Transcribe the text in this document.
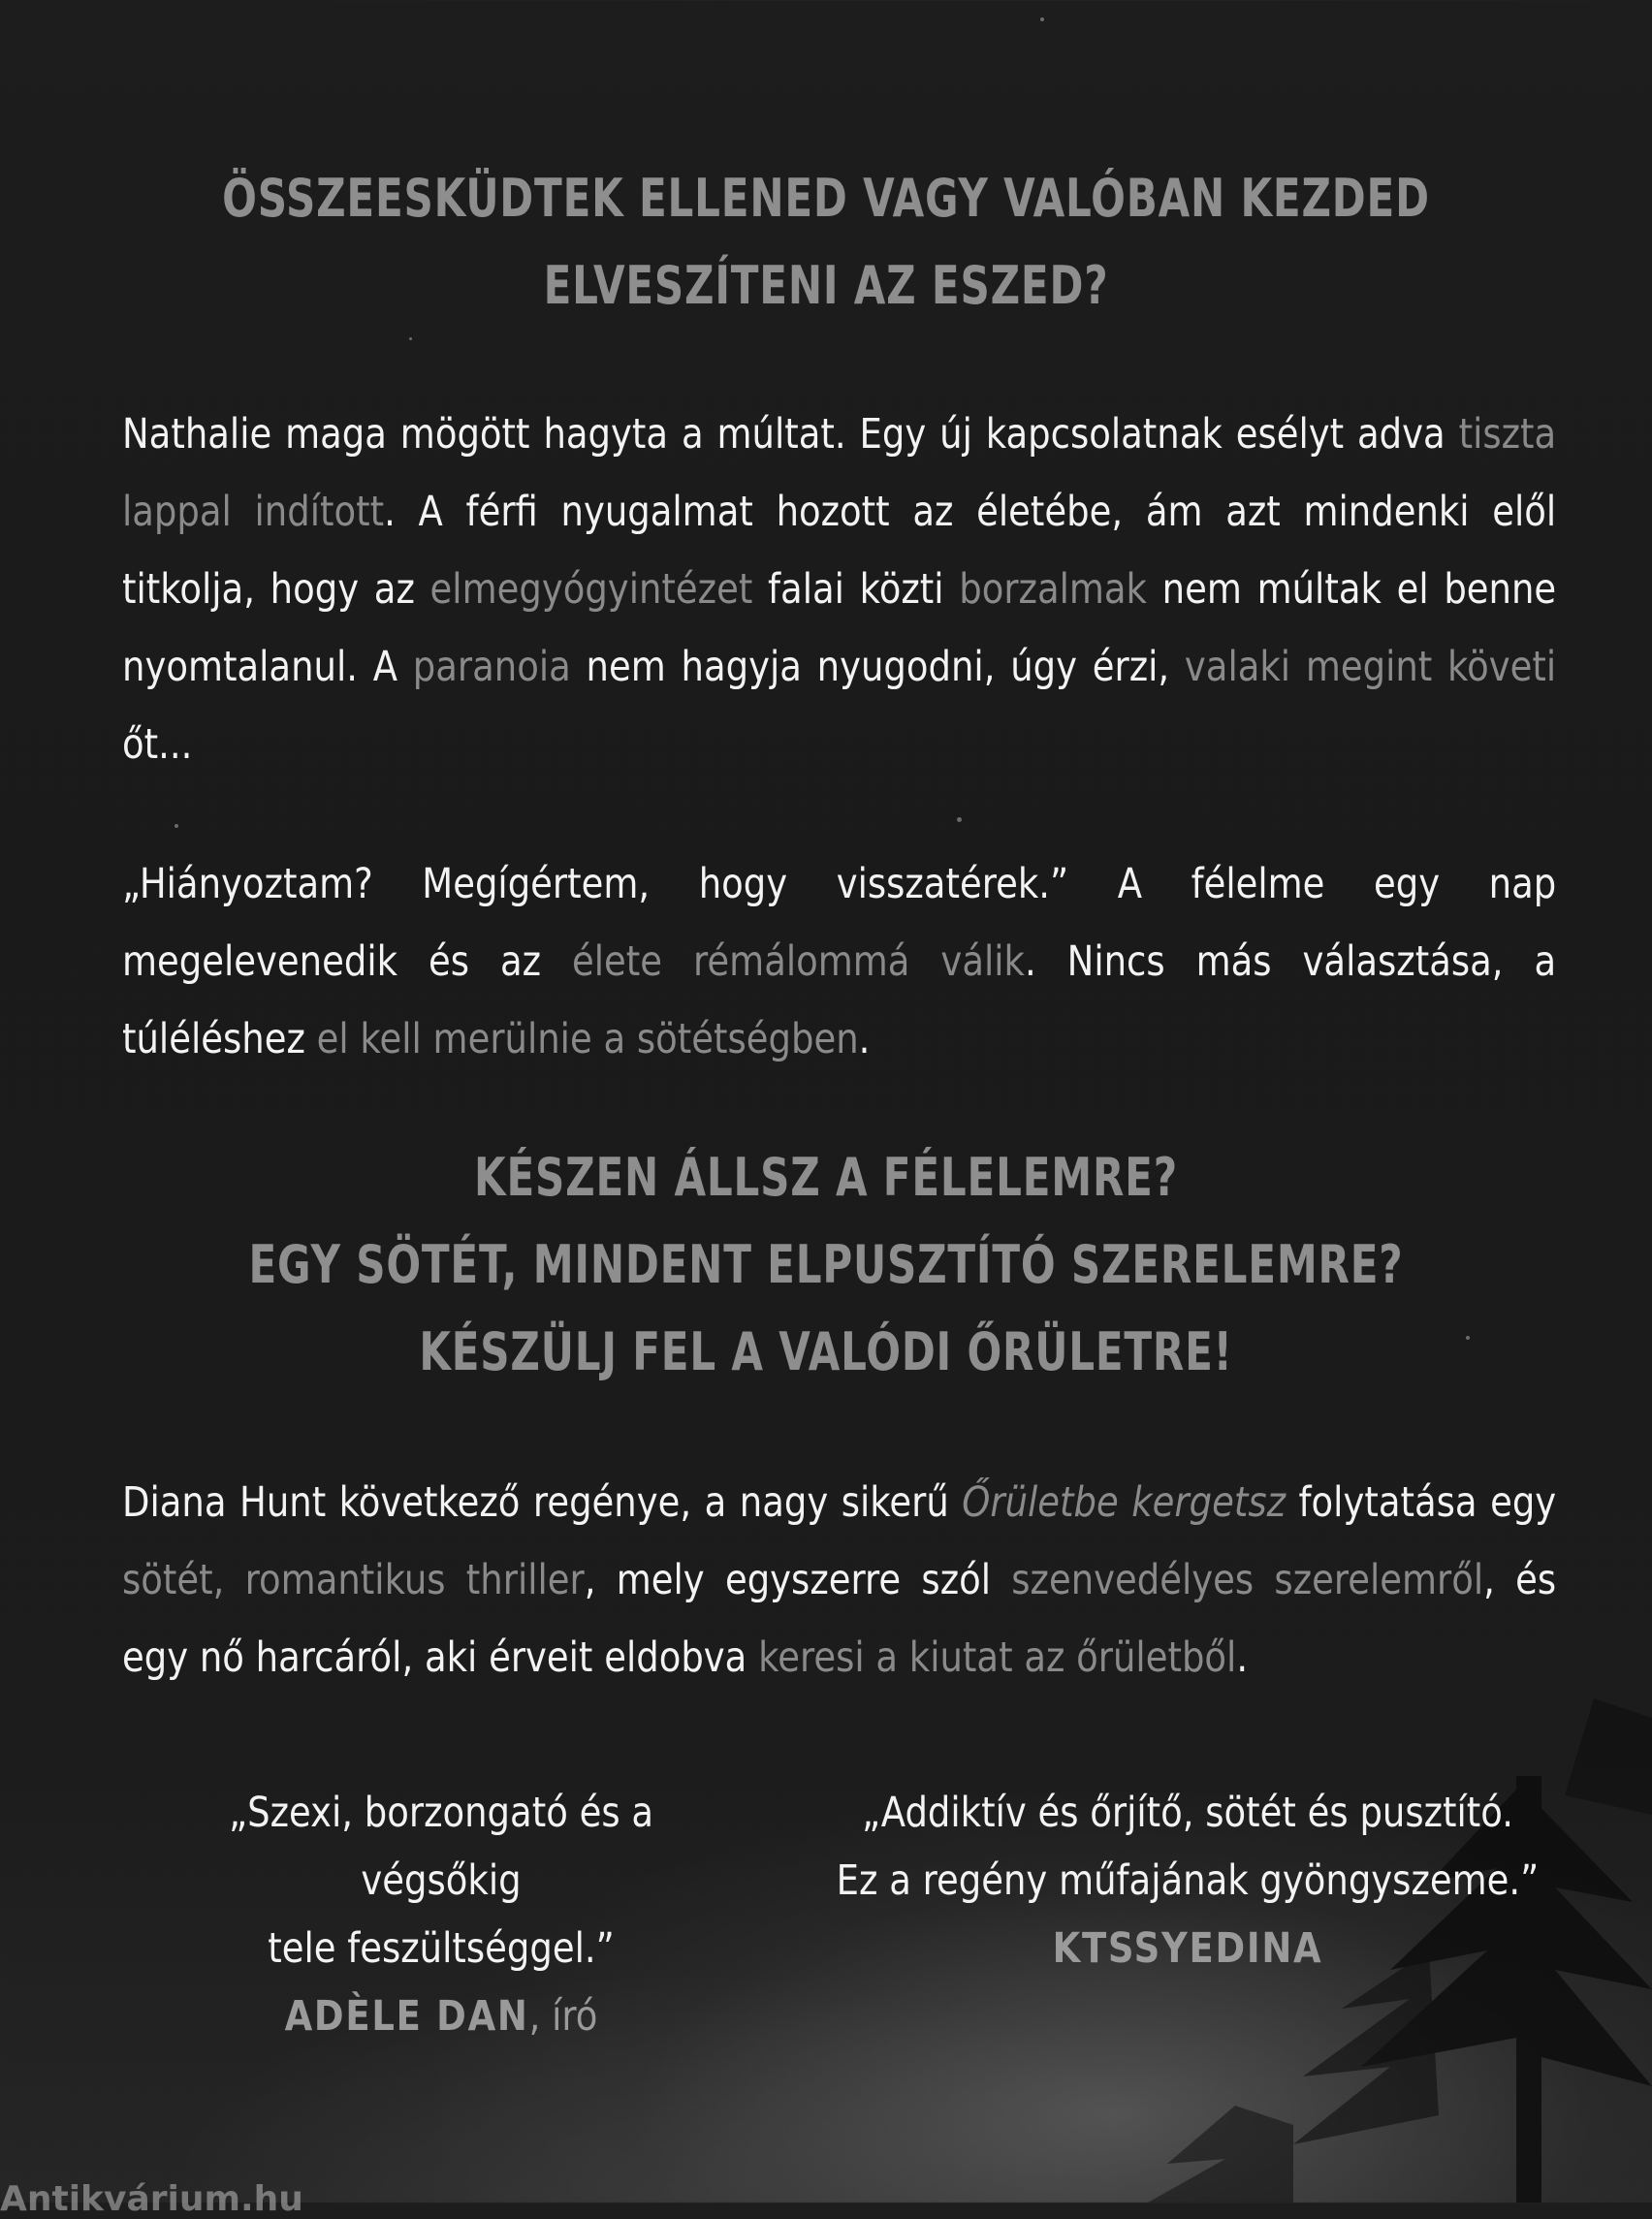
ÖSSZEESKÜDTEK ELLENED VAGY VALÓBAN KEZDED
ELVESZÍTENI AZ ESZED?
Nathalie maga mögött hagyta a múltat. Egy új kapcsolatnak esélyt adva tiszta lappal indított. A férfi nyugalmat hozott az életébe, ám azt mindenki elől titkolja, hogy az elmegyógyintézet falai közti borzalmak nem múltak el benne nyomtalanul. A paranoia nem hagyja nyugodni, úgy érzi, valaki megint követi őt...
„Hiányoztam? Megígértem, hogy visszatérek.” A félelme egy nap megelevenedik és az élete rémálommá válik. Nincs más választása, a túléléshez el kell merülnie a sötétségben.
KÉSZEN ÁLLSZ A FÉLELEMRE?
EGY SÖTÉT, MINDENT ELPUSZTÍTÓ SZERELEMRE?
KÉSZÜLJ FEL A VALÓDI ŐRÜLETRE!
Diana Hunt következő regénye, a nagy sikerű Őrületbe kergetsz folytatása egy sötét, romantikus thriller, mely egyszerre szól szenvedélyes szerelemről, és egy nő harcáról, aki érveit eldobva keresi a kiutat az őrületből.
„Szexi, borzongató és a végsőkig
tele feszültséggel.”
ADÈLE DAN, író
„Addiktív és őrjítő, sötét és pusztító.
Ez a regény műfajának gyöngyszeme.”
KTSSYEDINA
Antikvárium.hu
